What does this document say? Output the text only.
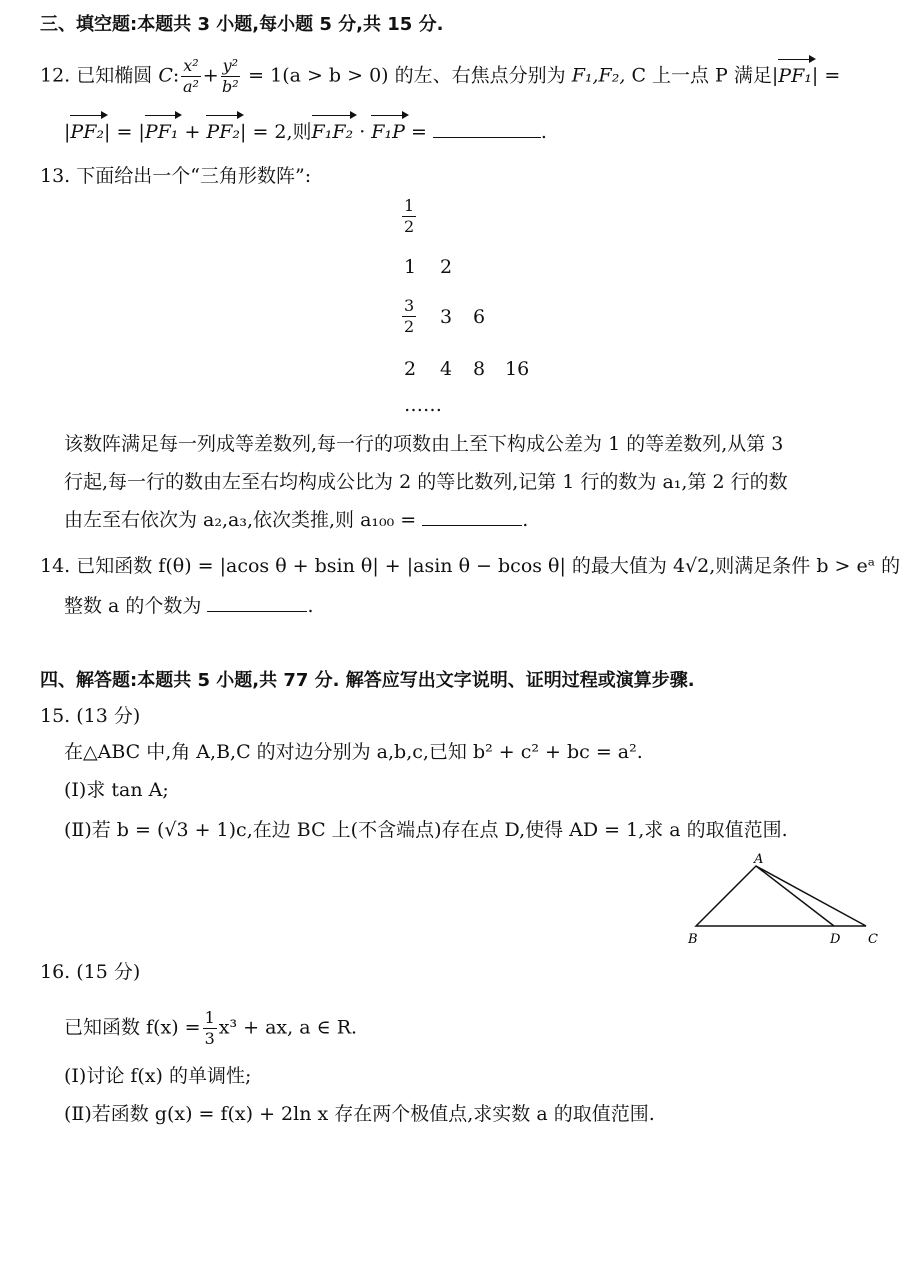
三、填空题:本题共 3 小题,每小题 5 分,共 15 分.
12. 已知椭圆 C: $\frac{\text{x²}}{\text{a²}} + \frac{\text{y²}}{\text{b²}} = 1(a > b > 0)$ 的左、右焦点分别为 F₁,F₂, C 上一点 P 满足|PF₁| =
|PF₂| = |PF₁ + PF₂| = 2,则F₁F₂ · F₁P =	.
13. 下面给出一个“三角形数阵”:
$\frac{1}{2}$
1 2
$\frac{3}{2} 3$ 6
2 4 8 16
……
该数阵满足每一列成等差数列,每一行的项数由上至下构成公差为 1 的等差数列,从第 3
行起,每一行的数由左至右均构成公比为 2 的等比数列,记第 1 行的数为 a₁,第 2 行的数
由左至右依次为 a₂,a₃,依次类推,则 a₁₀₀ =	.
14. 已知函数 f(θ) = |acos θ + bsin θ| + |asin θ − bcos θ| 的最大值为 4√2,则满足条件 b > eᵃ 的
整数 a 的个数为	.
四、解答题:本题共 5 小题,共 77 分. 解答应写出文字说明、证明过程或演算步骤.
15. (13 分)
在△ABC 中,角 A,B,C 的对边分别为 a,b,c,已知 b² + c² + bc = a².
(Ⅰ)求 tan A;
(Ⅱ)若 b = (√3 + 1)c,在边 BC 上(不含端点)存在点 D,使得 AD = 1,求 a 的取值范围.
A
B	D C
16. (15 分)
已知函数 $f(x) = \frac{1}{3} x^3$ + ax, a ∈ R.
(Ⅰ)讨论 f(x) 的单调性;
(Ⅱ)若函数 g(x) = f(x) + 2ln x 存在两个极值点,求实数 a 的取值范围.
